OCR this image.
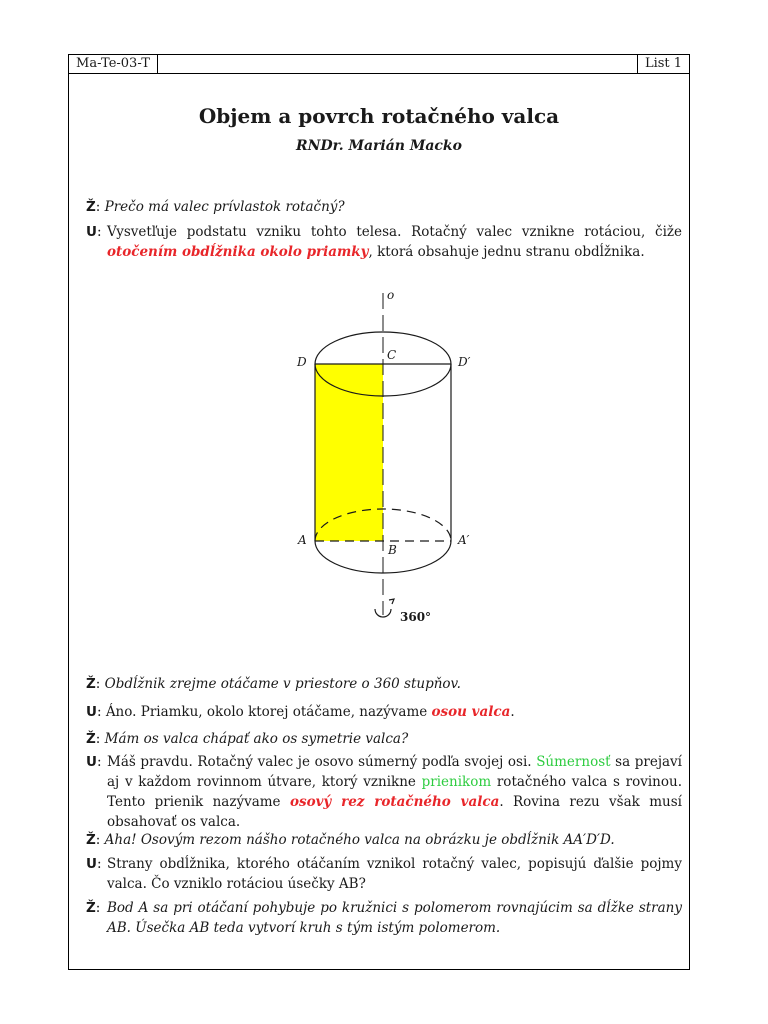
Ma-Te-03-T	List 1
Objem a povrch rotačného valca
RNDr. Marián Macko
Ž: Prečo má valec prívlastok rotačný?
U: Vysvetľuje podstatu vzniku tohto telesa. Rotačný valec vznikne rotáciou, čiže otočením obdĺžnika okolo priamky, ktorá obsahuje jednu stranu obdĺžnika.
o
C
D	D′
A	A′
B
360°
Ž: Obdĺžnik zrejme otáčame v priestore o 360 stupňov.
U: Áno. Priamku, okolo ktorej otáčame, nazývame osou valca.
Ž: Mám os valca chápať ako os symetrie valca?
U: Máš pravdu. Rotačný valec je osovo súmerný podľa svojej osi. Súmernosť sa prejaví aj v každom rovinnom útvare, ktorý vznikne prienikom rotačného valca s rovinou. Tento prienik nazývame osový rez rotačného valca. Rovina rezu však musí obsahovať os valca.
Ž: Aha! Osovým rezom nášho rotačného valca na obrázku je obdĺžnik AA′D′D.
U: Strany obdĺžnika, ktorého otáčaním vznikol rotačný valec, popisujú ďalšie pojmy valca. Čo vzniklo rotáciou úsečky AB?
Ž: Bod A sa pri otáčaní pohybuje po kružnici s polomerom rovnajúcim sa dĺžke strany AB. Úsečka AB teda vytvorí kruh s tým istým polomerom.
